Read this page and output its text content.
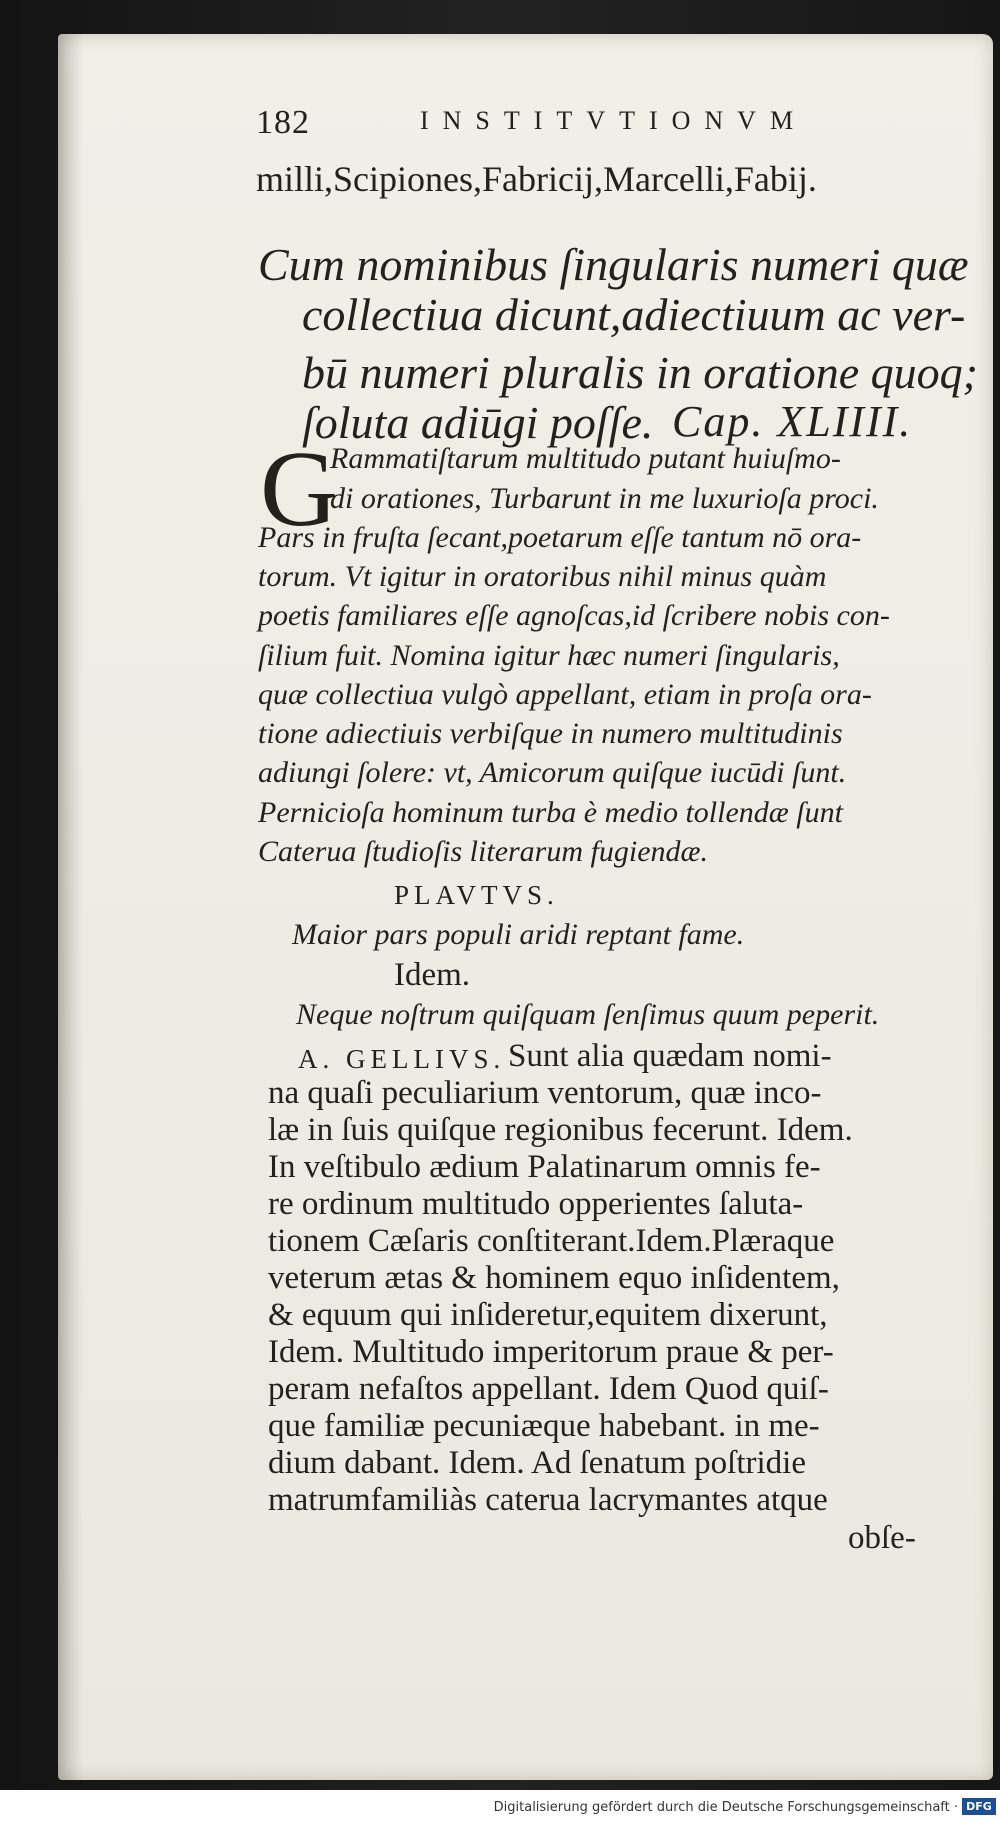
182	INSTITVTIONVM
milli,Scipiones,Fabricij,Marcelli,Fabij.
Cum nominibus ſingularis numeri quæ
collectiua dicunt,adiectiuum ac ver-
bū numeri pluralis in oratione quoq;
ſoluta adiūgi poſſe. Cap. XLIIII.
G
Rammatiſtarum multitudo putant huiuſmo-
di orationes, Turbarunt in me luxurioſa proci.
Pars in fruſta ſecant,poetarum eſſe tantum nō ora-
torum. Vt igitur in oratoribus nihil minus quàm
poetis familiares eſſe agnoſcas,id ſcribere nobis con-
ſilium fuit. Nomina igitur hæc numeri ſingularis,
quæ collectiua vulgò appellant, etiam in proſa ora-
tione adiectiuis verbiſque in numero multitudinis
adiungi ſolere: vt, Amicorum quiſque iucūdi ſunt.
Pernicioſa hominum turba è medio tollendæ ſunt
Caterua ſtudioſis literarum fugiendæ.
PLAVTVS.
Maior pars populi aridi reptant fame.
Idem.
Neque noſtrum quiſquam ſenſimus quum peperit.
A. GELLIVS. Sunt alia quædam nomi-
na quaſi peculiarium ventorum, quæ inco-
læ in ſuis quiſque regionibus fecerunt. Idem.
In veſtibulo ædium Palatinarum omnis fe-
re ordinum multitudo opperientes ſaluta-
tionem Cæſaris conſtiterant.Idem.Plæraque
veterum ætas & hominem equo inſidentem,
& equum qui inſideretur,equitem dixerunt,
Idem. Multitudo imperitorum praue & per-
peram nefaſtos appellant. Idem Quod quiſ-
que familiæ pecuniæque habebant. in me-
dium dabant. Idem. Ad ſenatum poſtridie
matrumfamiliàs caterua lacrymantes atque
obſe-
Digitalisierung gefördert durch die Deutsche Forschungsgemeinschaft · DFG
